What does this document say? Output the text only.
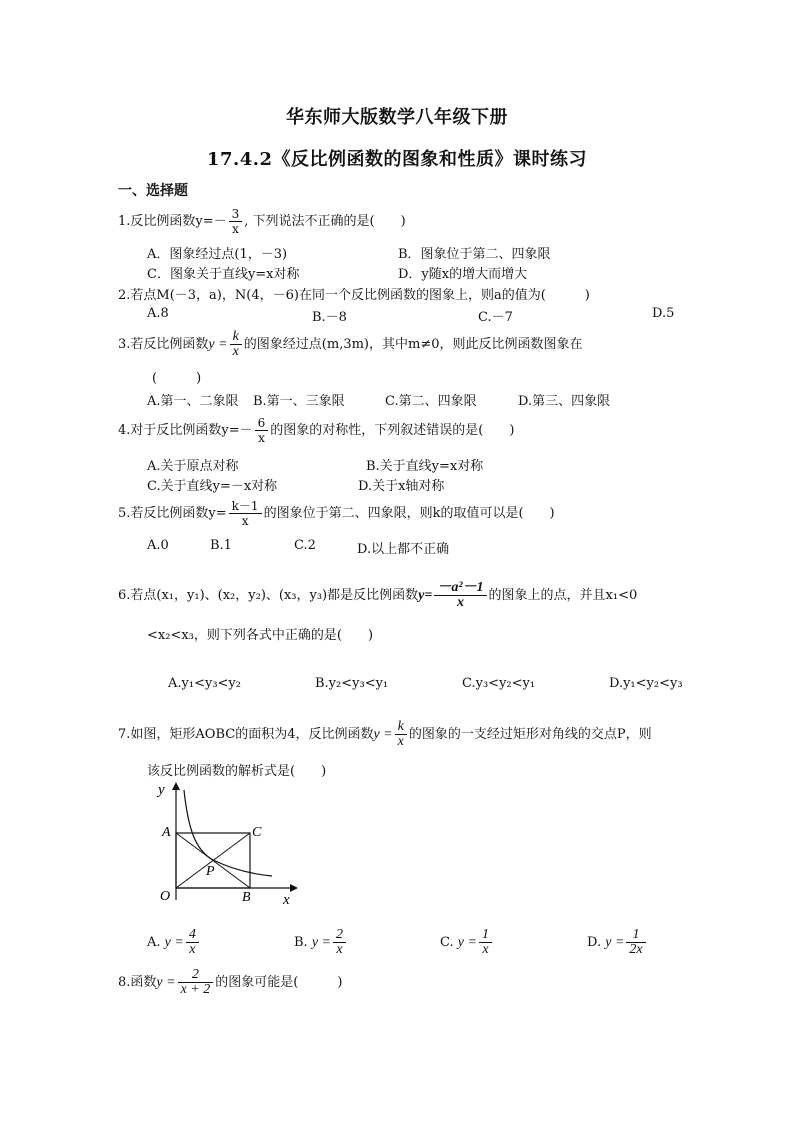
华东师大版数学八年级下册
17.4.2《反比例函数的图象和性质》课时练习
一、选择题
1.反比例函数$y=- \frac{3}{x}$ , 下列说法不正确的是(　　)
A．图象经过点(1，－3)	B．图象位于第二、四象限
C．图象关于直线y=x对称	D．y随x的增大而增大
2.若点M(－3，a)，N(4，－6)在同一个反比例函数的图象上，则a的值为(　　　)
A.8	B.－8	C.－7	D.5
3.若反比例函数$y = \frac{k}{x}$ 的图象经过点(m,3m)，其中m≠0，则此反比例函数图象在
(　　　)
A.第一、二象限 B.第一、三象限	C.第二、四象限	D.第三、四象限
4.对于反比例函数$y=- \frac{6}{x}$ 的图象的对称性，下列叙述错误的是(　　)
A.关于原点对称	B.关于直线y=x对称
C.关于直线y=－x对称	D.关于x轴对称
5.若反比例函数$y= \frac{k-1}{x}$ 的图象位于第二、四象限，则k的取值可以是(　　)
A.0	B.1	C.2	D.以上都不正确
6.若点(x₁，y₁)、(x₂，y₂)、(x₃，y₃)都是反比例函数$y= \frac{\text{－a²－1}}{x}$ 的图象上的点，并且x₁<0
<x₂<x₃，则下列各式中正确的是(　　)
A.y₁<y₃<y₂	B.y₂<y₃<y₁	C.y₃<y₂<y₁	D.y₁<y₂<y₃
7.如图，矩形AOBC的面积为4，反比例函数$y = \frac{k}{x}$ 的图象的一支经过矩形对角线的交点P，则
该反比例函数的解析式是(　　)
y
A	C
P
O	B x
A. $y = \frac{4}{x}$	B. $y = \frac{2}{x}$	C. $y = \frac{1}{x}$	D. $y = \frac{1}{2x}$
8.函数$y = \frac{2}{x + 2}$ 的图象可能是(　　　)
